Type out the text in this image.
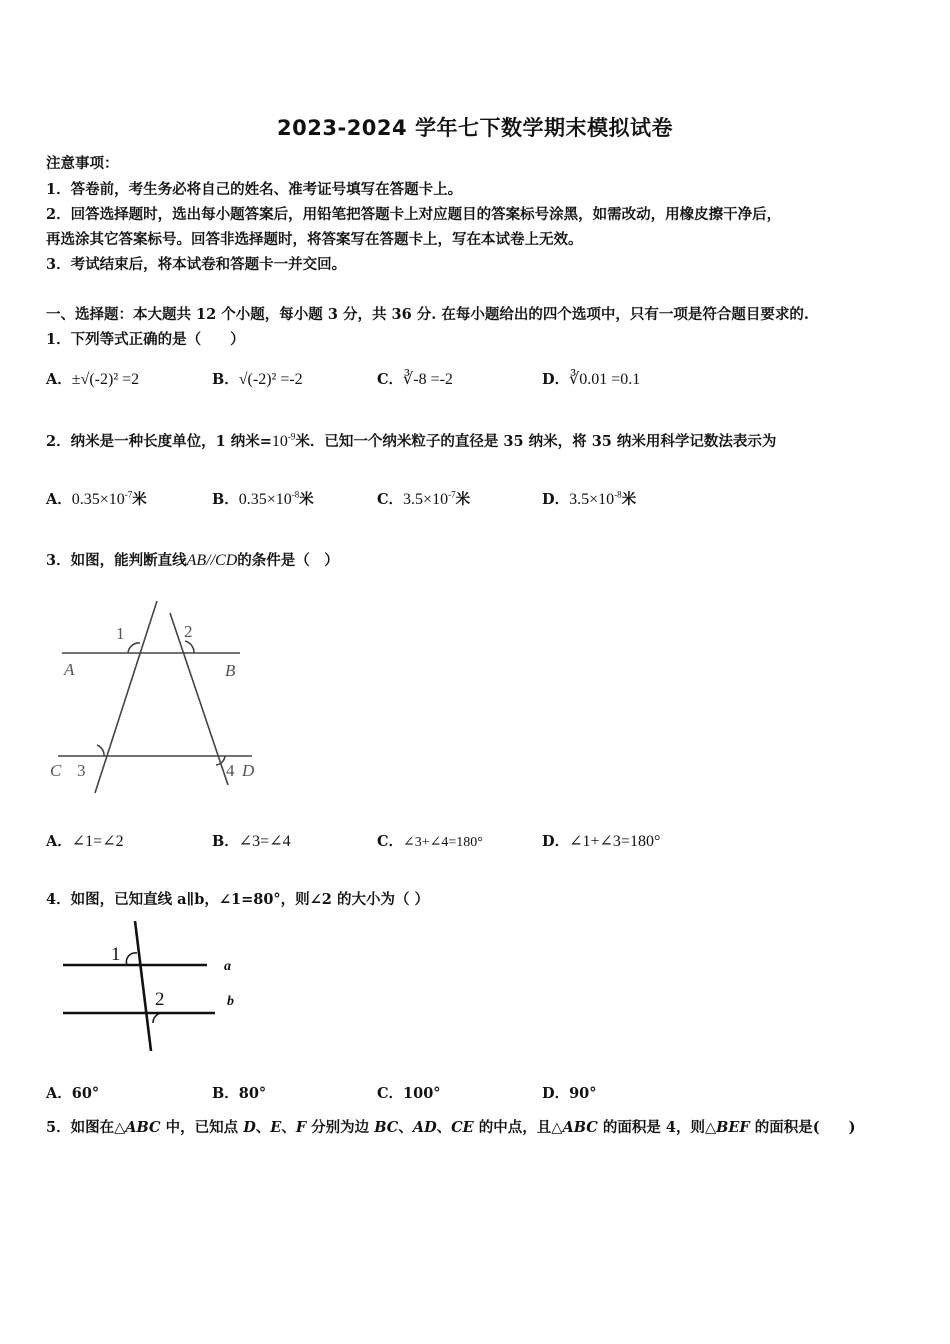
2023-2024 学年七下数学期末模拟试卷
注意事项：
1．答卷前，考生务必将自己的姓名、准考证号填写在答题卡上。
2．回答选择题时，选出每小题答案后，用铅笔把答题卡上对应题目的答案标号涂黑，如需改动，用橡皮擦干净后，
再选涂其它答案标号。回答非选择题时，将答案写在答题卡上，写在本试卷上无效。
3．考试结束后，将本试卷和答题卡一并交回。
一、选择题：本大题共 12 个小题，每小题 3 分，共 36 分. 在每小题给出的四个选项中，只有一项是符合题目要求的.
1．下列等式正确的是（　　）
A．±√(-2)² =2	B．√(-2)² =-2	C．∛-8 =-2	D．∛0.01 =0.1
2．纳米是一种长度单位，1 纳米$=10^{-9}$米．已知一个纳米粒子的直径是 35 纳米，将 35 纳米用科学记数法表示为
A．$0.35\times 10^{-7}$米	B．$0.35\times 10^{-8}$米	C．$3.5\times 10^{-7}$米	D．$3.5\times 10^{-8}$米
3．如图，能判断直线AB//CD的条件是（　）
A	B
C	D
1	2
3	4
A．∠1=∠2	B．∠3=∠4	C．∠3+∠4=180°	D．∠1+∠3=180°
4．如图，已知直线 a∥b，∠1=80°，则∠2 的大小为（ ）
1
2
a
b
A．60°	B．80°	C．100°	D．90°
5．如图在△ABC 中，已知点 D、E、F 分别为边 BC、AD、CE 的中点，且△ABC 的面积是 4，则△BEF 的面积是(　　)
